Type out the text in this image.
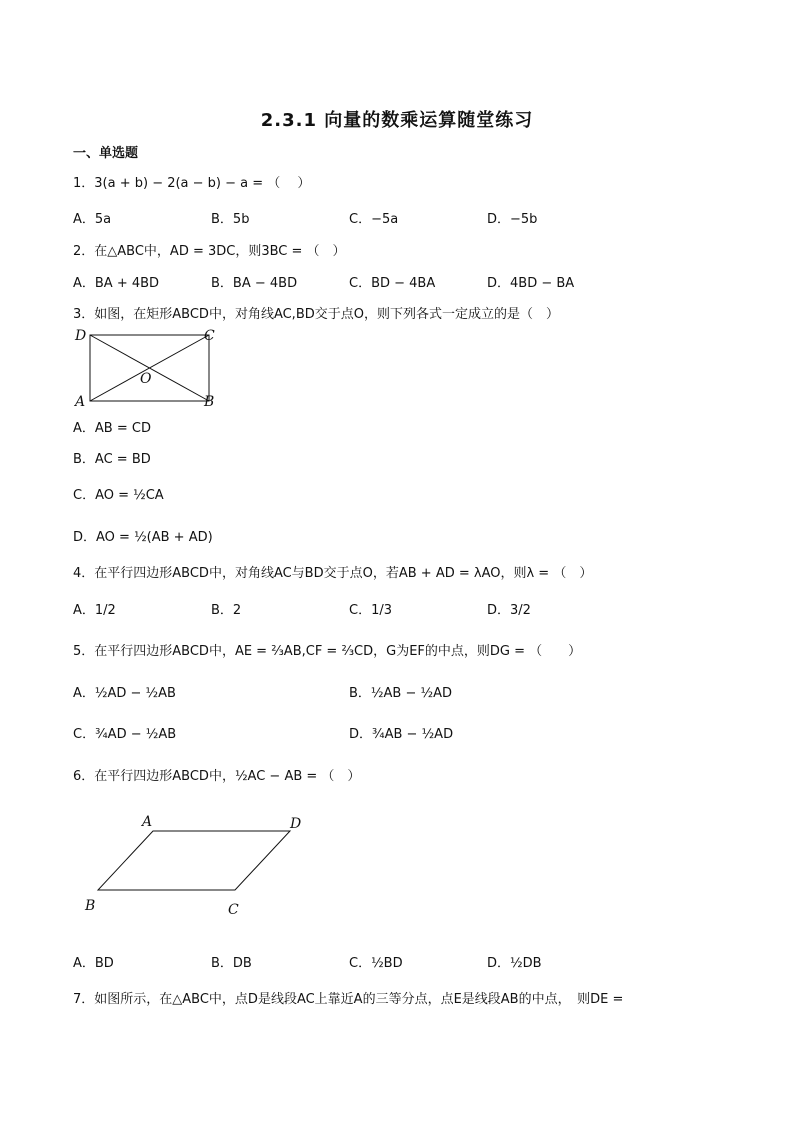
2.3.1 向量的数乘运算随堂练习
一、单选题
1．3(a + b) − 2(a − b) − a = （　 ）
A．5a	B．5b	C．−5a	D．−5b
2．在△ABC中，AD = 3DC，则3BC = （　）
A．BA + 4BD	B．BA − 4BD	C．BD − 4BA	D．4BD − BA
3．如图，在矩形ABCD中，对角线AC,BD交于点O，则下列各式一定成立的是（　）
D	C
O
A	B
A．AB = CD
B．AC = BD
C．AO = ½CA
D．AO = ½(AB + AD)
4．在平行四边形ABCD中，对角线AC与BD交于点O，若AB + AD = λAO，则λ = （　）
A．1/2	B．2	C．1/3	D．3/2
5．在平行四边形ABCD中，AE = ⅔AB,CF = ⅔CD，G为EF的中点，则DG = （　　）
A．½AD − ½AB	B．½AB − ½AD
C．¾AD − ½AB	D．¾AB − ½AD
6．在平行四边形ABCD中，½AC − AB = （　）
A	D
B	C
A．BD	B．DB	C．½BD	D．½DB
7．如图所示，在△ABC中，点D是线段AC上靠近A的三等分点，点E是线段AB的中点，　则DE =
